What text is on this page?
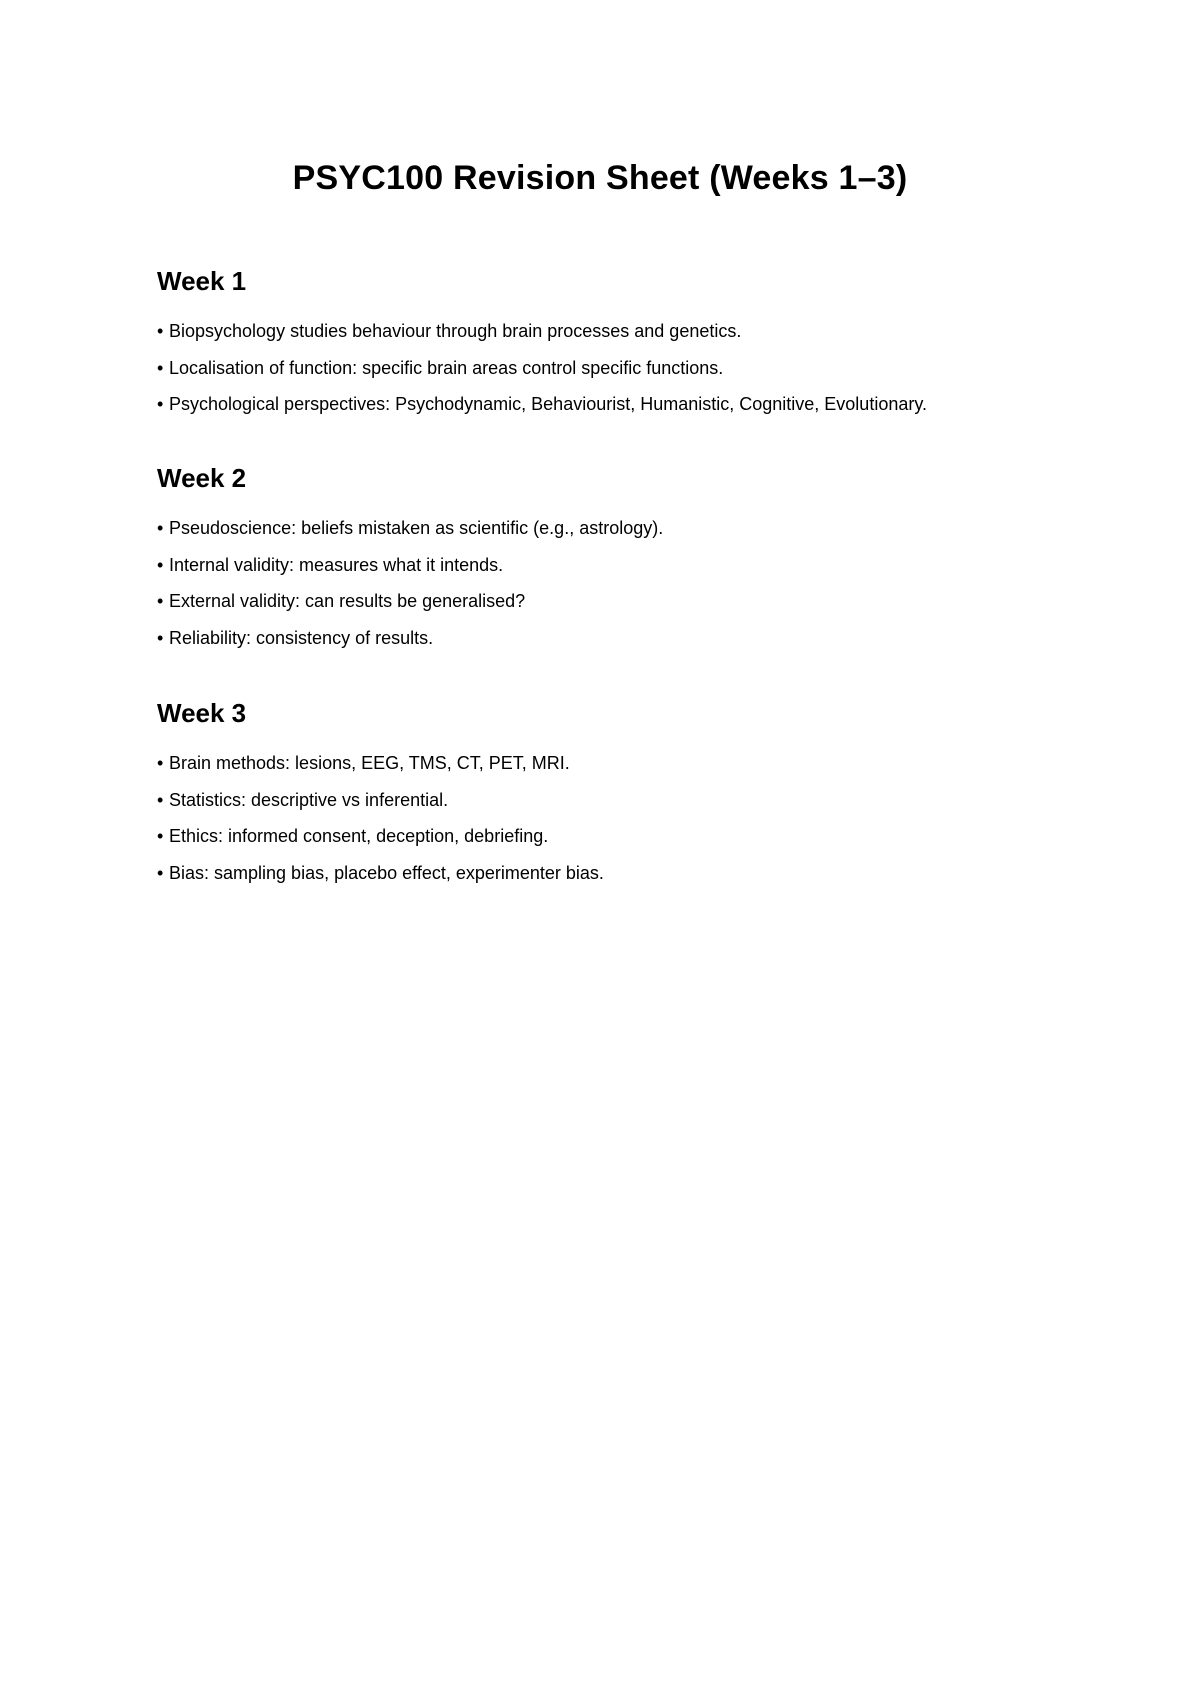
PSYC100 Revision Sheet (Weeks 1–3)
Week 1
• Biopsychology studies behaviour through brain processes and genetics.
• Localisation of function: specific brain areas control specific functions.
• Psychological perspectives: Psychodynamic, Behaviourist, Humanistic, Cognitive, Evolutionary.
Week 2
• Pseudoscience: beliefs mistaken as scientific (e.g., astrology).
• Internal validity: measures what it intends.
• External validity: can results be generalised?
• Reliability: consistency of results.
Week 3
• Brain methods: lesions, EEG, TMS, CT, PET, MRI.
• Statistics: descriptive vs inferential.
• Ethics: informed consent, deception, debriefing.
• Bias: sampling bias, placebo effect, experimenter bias.
